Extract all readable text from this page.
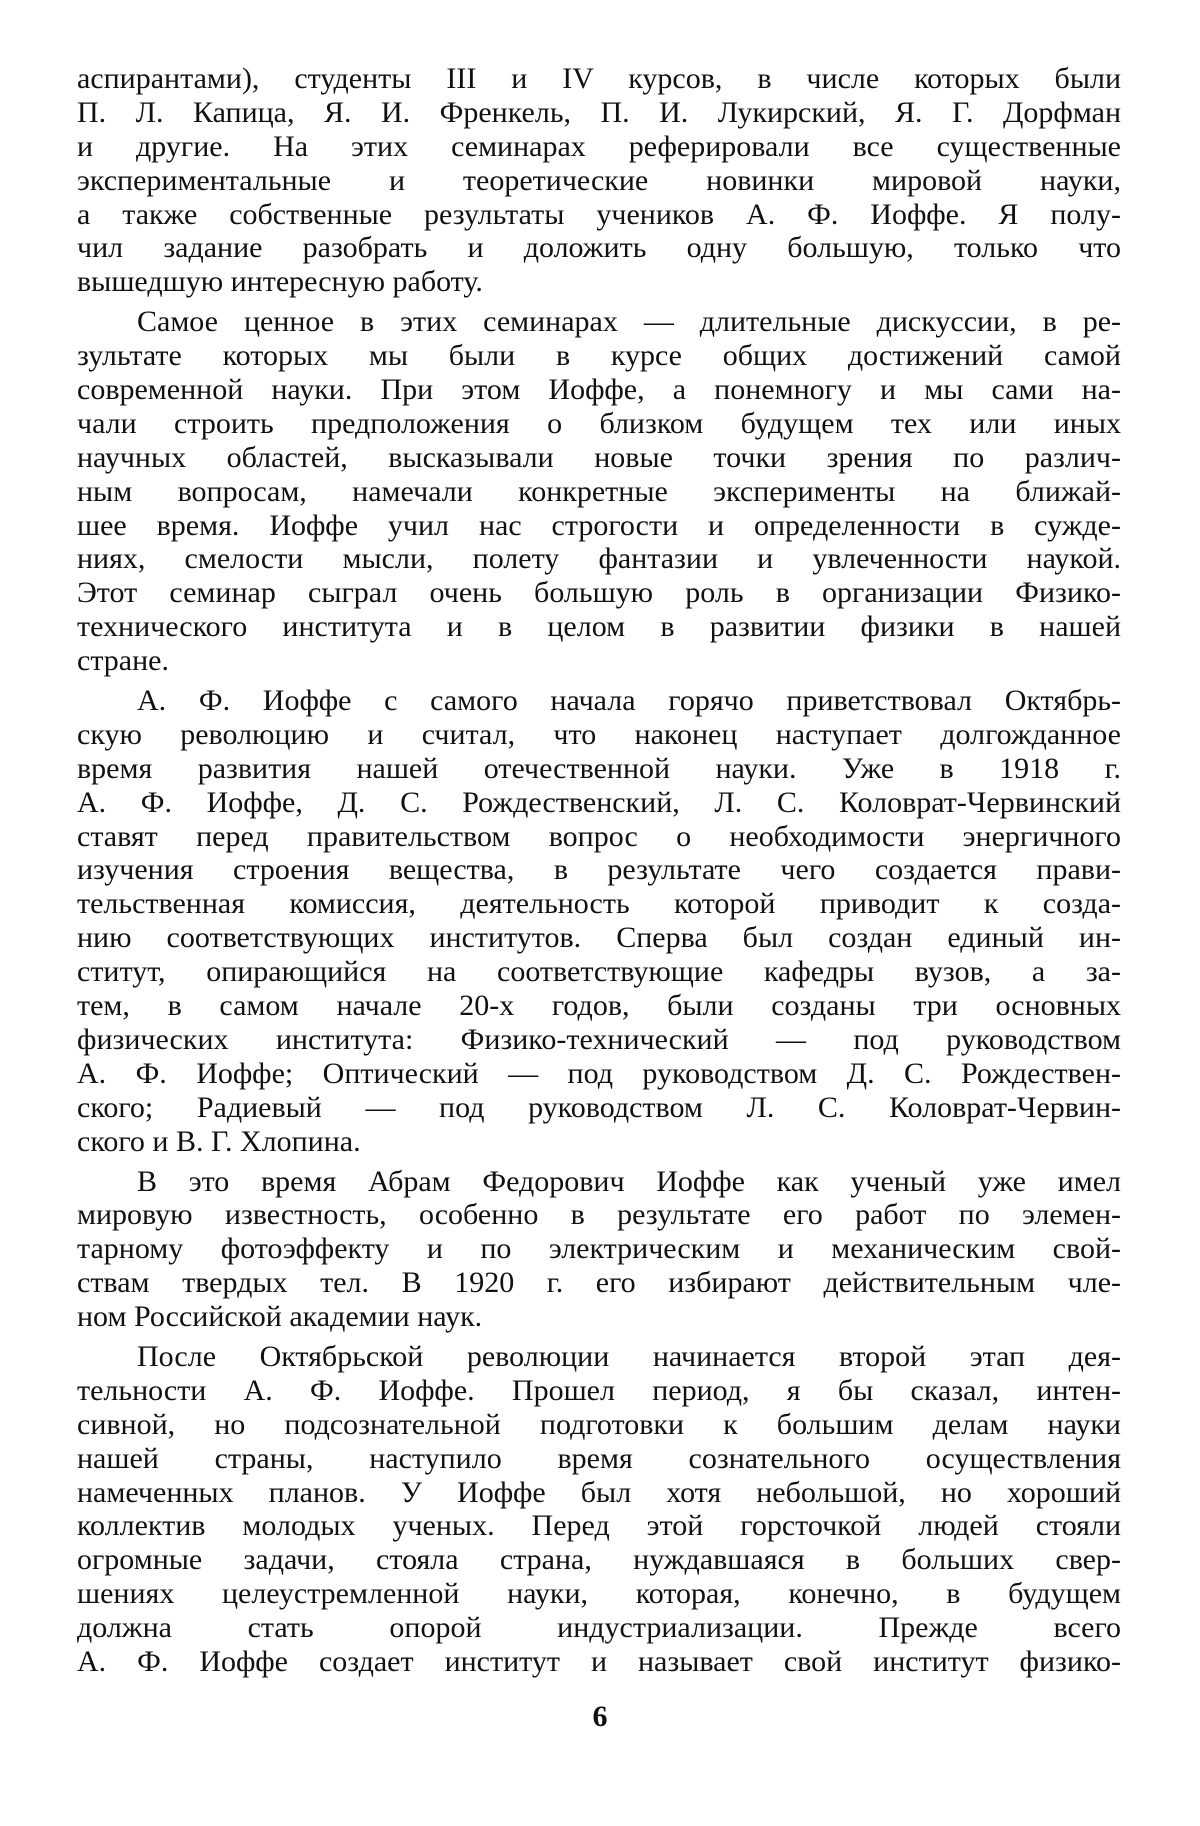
аспирантами), студенты III и IV курсов, в числе которых были
П. Л. Капица, Я. И. Френкель, П. И. Лукирский, Я. Г. Дорфман
и другие. На этих семинарах реферировали все существенные
экспериментальные и теоретические новинки мировой науки,
а также собственные результаты учеников А. Ф. Иоффе. Я полу-
чил задание разобрать и доложить одну большую, только что
вышедшую интересную работу.
Самое ценное в этих семинарах — длительные дискуссии, в ре-
зультате которых мы были в курсе общих достижений самой
современной науки. При этом Иоффе, а понемногу и мы сами на-
чали строить предположения о близком будущем тех или иных
научных областей, высказывали новые точки зрения по различ-
ным вопросам, намечали конкретные эксперименты на ближай-
шее время. Иоффе учил нас строгости и определенности в сужде-
ниях, смелости мысли, полету фантазии и увлеченности наукой.
Этот семинар сыграл очень большую роль в организации Физико-
технического института и в целом в развитии физики в нашей
стране.
А. Ф. Иоффе с самого начала горячо приветствовал Октябрь-
скую революцию и считал, что наконец наступает долгожданное
время развития нашей отечественной науки. Уже в 1918 г.
А. Ф. Иоффе, Д. С. Рождественский, Л. С. Коловрат-Червинский
ставят перед правительством вопрос о необходимости энергичного
изучения строения вещества, в результате чего создается прави-
тельственная комиссия, деятельность которой приводит к созда-
нию соответствующих институтов. Сперва был создан единый ин-
ститут, опирающийся на соответствующие кафедры вузов, а за-
тем, в самом начале 20-х годов, были созданы три основных
физических института: Физико-технический — под руководством
А. Ф. Иоффе; Оптический — под руководством Д. С. Рождествен-
ского; Радиевый — под руководством Л. С. Коловрат-Червин-
ского и В. Г. Хлопина.
В это время Абрам Федорович Иоффе как ученый уже имел
мировую известность, особенно в результате его работ по элемен-
тарному фотоэффекту и по электрическим и механическим свой-
ствам твердых тел. В 1920 г. его избирают действительным чле-
ном Российской академии наук.
После Октябрьской революции начинается второй этап дея-
тельности А. Ф. Иоффе. Прошел период, я бы сказал, интен-
сивной, но подсознательной подготовки к большим делам науки
нашей страны, наступило время сознательного осуществления
намеченных планов. У Иоффе был хотя небольшой, но хороший
коллектив молодых ученых. Перед этой горсточкой людей стояли
огромные задачи, стояла страна, нуждавшаяся в больших свер-
шениях целеустремленной науки, которая, конечно, в будущем
должна стать опорой индустриализации. Прежде всего
А. Ф. Иоффе создает институт и называет свой институт физико-
6
